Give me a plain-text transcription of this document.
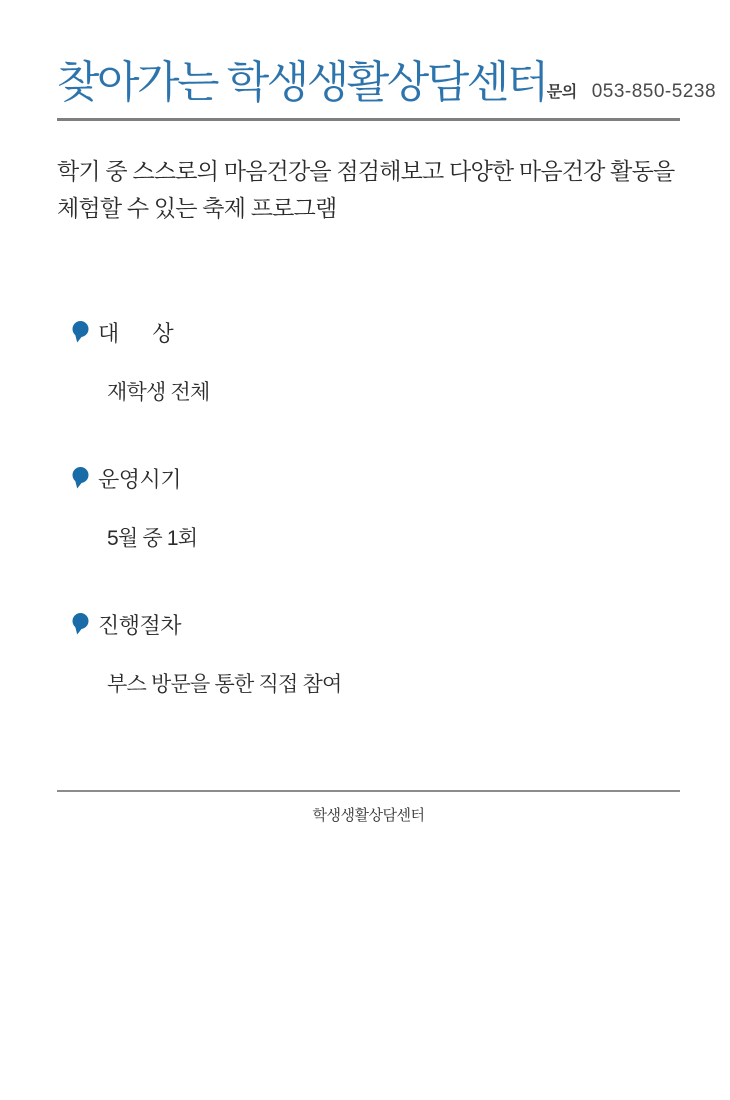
찾아가는 학생생활상담센터 문의 053-850-5238

학기 중 스스로의 마음건강을 점검해보고 다양한 마음건강 활동을 체험할 수 있는 축제 프로그램

대      상
재학생 전체
운영시기
5월 중 1회
진행절차
부스 방문을 통한 직접 참여
학생생활상담센터
